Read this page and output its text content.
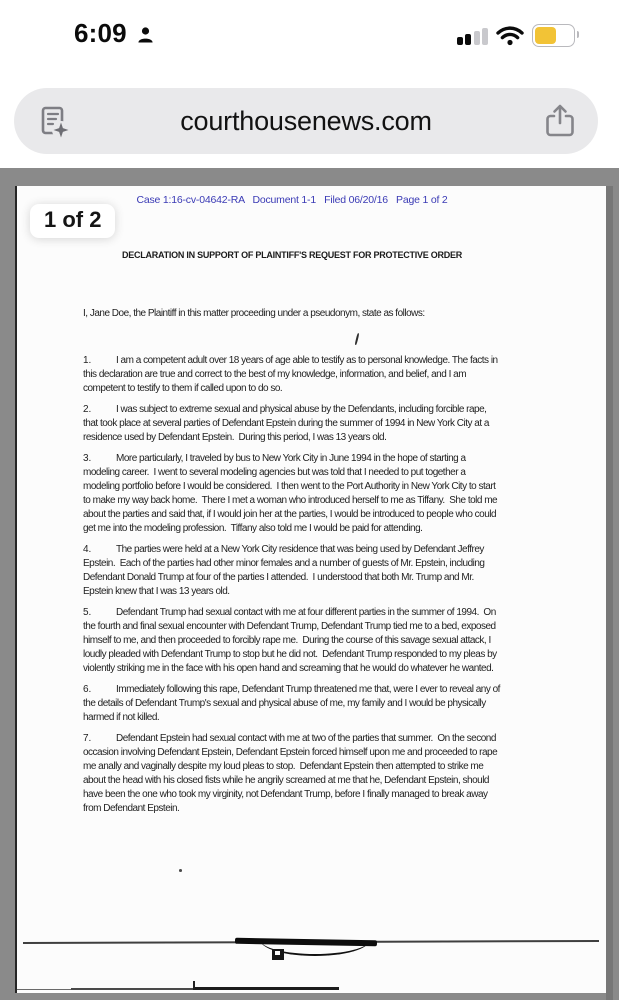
6:09
courthousenews.com
Case 1:16-cv-04642-RA   Document 1-1   Filed 06/20/16   Page 1 of 2
DECLARATION IN SUPPORT OF PLAINTIFF'S REQUEST FOR PROTECTIVE ORDER
I, Jane Doe, the Plaintiff in this matter proceeding under a pseudonym, state as follows:
1. I am a competent adult over 18 years of age able to testify as to personal knowledge. The facts in this declaration are true and correct to the best of my knowledge, information, and belief, and I am competent to testify to them if called upon to do so.
2. I was subject to extreme sexual and physical abuse by the Defendants, including forcible rape, that took place at several parties of Defendant Epstein during the summer of 1994 in New York City at a residence used by Defendant Epstein.  During this period, I was 13 years old.
3. More particularly, I traveled by bus to New York City in June 1994 in the hope of starting a modeling career.  I went to several modeling agencies but was told that I needed to put together a modeling portfolio before I would be considered.  I then went to the Port Authority in New York City to start to make my way back home.  There I met a woman who introduced herself to me as Tiffany.  She told me about the parties and said that, if I would join her at the parties, I would be introduced to people who could get me into the modeling profession.  Tiffany also told me I would be paid for attending.
4. The parties were held at a New York City residence that was being used by Defendant Jeffrey Epstein.  Each of the parties had other minor females and a number of guests of Mr. Epstein, including Defendant Donald Trump at four of the parties I attended.  I understood that both Mr. Trump and Mr. Epstein knew that I was 13 years old.
5. Defendant Trump had sexual contact with me at four different parties in the summer of 1994.  On the fourth and final sexual encounter with Defendant Trump, Defendant Trump tied me to a bed, exposed himself to me, and then proceeded to forcibly rape me.  During the course of this savage sexual attack, I loudly pleaded with Defendant Trump to stop but he did not.  Defendant Trump responded to my pleas by violently striking me in the face with his open hand and screaming that he would do whatever he wanted.
6. Immediately following this rape, Defendant Trump threatened me that, were I ever to reveal any of the details of Defendant Trump's sexual and physical abuse of me, my family and I would be physically harmed if not killed.
7. Defendant Epstein had sexual contact with me at two of the parties that summer.  On the second occasion involving Defendant Epstein, Defendant Epstein forced himself upon me and proceeded to rape me anally and vaginally despite my loud pleas to stop.  Defendant Epstein then attempted to strike me about the head with his closed fists while he angrily screamed at me that he, Defendant Epstein, should have been the one who took my virginity, not Defendant Trump, before I finally managed to break away from Defendant Epstein.
1 of 2
